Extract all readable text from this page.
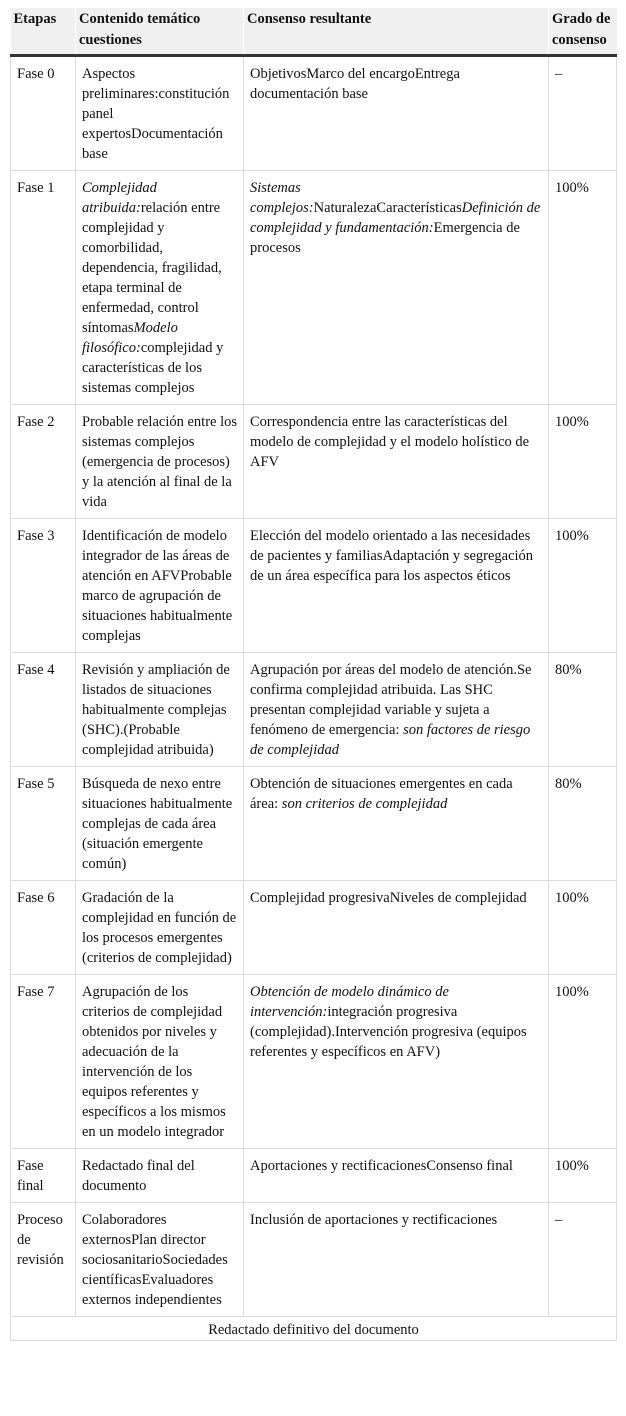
Etapas	Contenido temático cuestiones	Consenso resultante	Grado de consenso
Fase 0	Aspectos preliminares:constitución panel expertosDocumentación base	ObjetivosMarco del encargoEntrega documentación base	–
Fase 1	Complejidad atribuida:relación entre complejidad y comorbilidad, dependencia, fragilidad, etapa terminal de enfermedad, control síntomasModelo filosófico:complejidad y características de los sistemas complejos	Sistemas complejos:NaturalezaCaracterísticasDefinición de complejidad y fundamentación:Emergencia de procesos	100%
Fase 2	Probable relación entre los sistemas complejos (emergencia de procesos) y la atención al final de la vida	Correspondencia entre las características del modelo de complejidad y el modelo holístico de AFV	100%
Fase 3	Identificación de modelo integrador de las áreas de atención en AFVProbable marco de agrupación de situaciones habitualmente complejas	Elección del modelo orientado a las necesidades de pacientes y familiasAdaptación y segregación de un área específica para los aspectos éticos	100%
Fase 4	Revisión y ampliación de listados de situaciones habitualmente complejas (SHC).(Probable complejidad atribuida)	Agrupación por áreas del modelo de atención.Se confirma complejidad atribuida. Las SHC presentan complejidad variable y sujeta a fenómeno de emergencia: son factores de riesgo de complejidad	80%
Fase 5	Búsqueda de nexo entre situaciones habitualmente complejas de cada área (situación emergente común)	Obtención de situaciones emergentes en cada área: son criterios de complejidad	80%
Fase 6	Gradación de la complejidad en función de los procesos emergentes (criterios de complejidad)	Complejidad progresivaNiveles de complejidad	100%
Fase 7	Agrupación de los criterios de complejidad obtenidos por niveles y adecuación de la intervención de los equipos referentes y específicos a los mismos en un modelo integrador	Obtención de modelo dinámico de intervención:integración progresiva (complejidad).Intervención progresiva (equipos referentes y específicos en AFV)	100%
Fase final	Redactado final del documento	Aportaciones y rectificacionesConsenso final	100%
Proceso de revisión	Colaboradores externosPlan director sociosanitarioSociedades científicasEvaluadores externos independientes	Inclusión de aportaciones y rectificaciones	–
Redactado definitivo del documento			
